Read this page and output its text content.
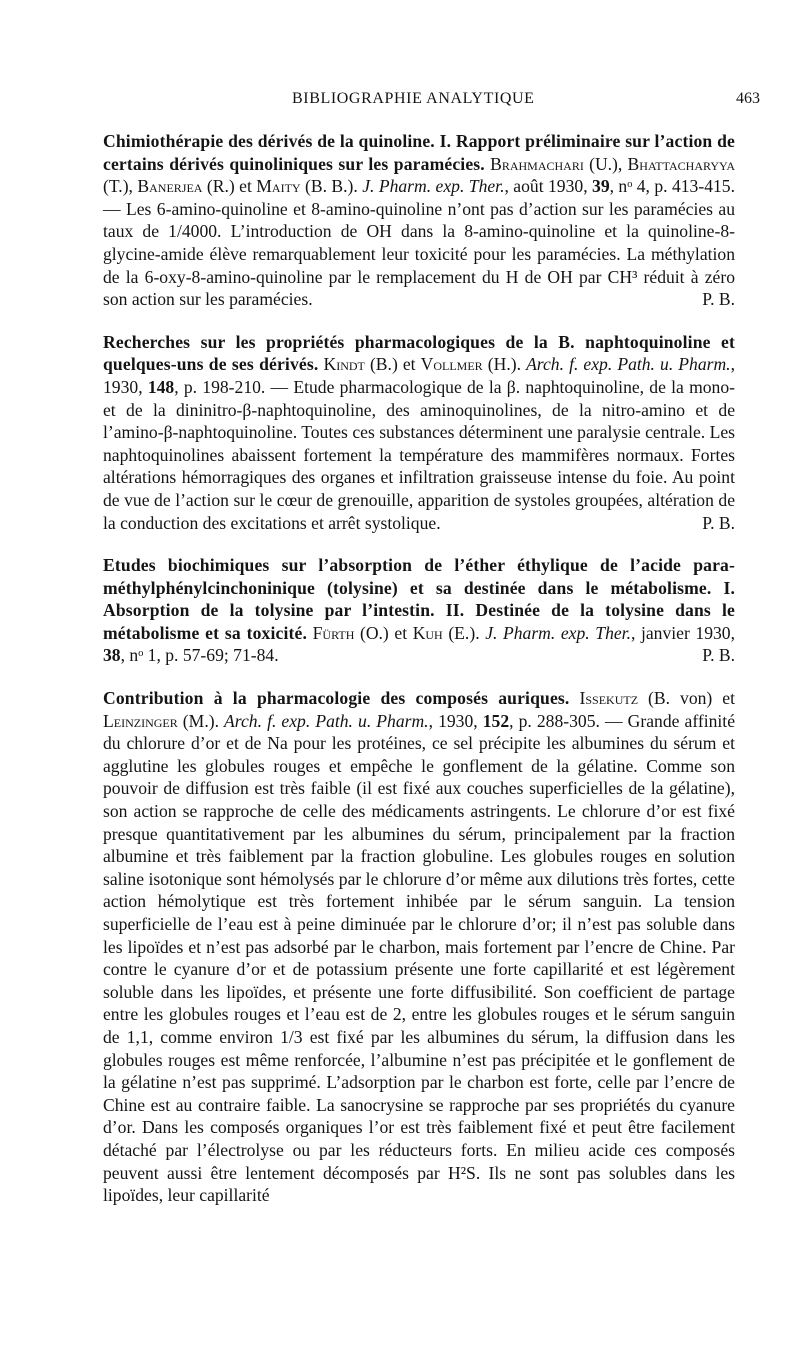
BIBLIOGRAPHIE ANALYTIQUE	463

Chimiothérapie des dérivés de la quinoline. I. Rapport préliminaire sur l’action de certains dérivés quinoliniques sur les paramécies. Brahmachari (U.), Bhattacharyya (T.), Banerjea (R.) et Maity (B. B.). J. Pharm. exp. Ther., août 1930, 39, nᵒ 4, p. 413-415. — Les 6-amino-quinoline et 8-amino-quinoline n’ont pas d’action sur les paramécies au taux de 1/4000. L’introduction de OH dans la 8-amino-quinoline et la quinoline-8-glycine-amide élève remarquablement leur toxicité pour les paramécies. La méthylation de la 6-oxy-8-amino-quinoline par le remplacement du H de OH par CH³ réduit à zéro son action sur les paramécies.	P. B.

Recherches sur les propriétés pharmacologiques de la B. naphtoquinoline et quelques-uns de ses dérivés. Kindt (B.) et Vollmer (H.). Arch. f. exp. Path. u. Pharm., 1930, 148, p. 198-210. — Etude pharmacologique de la β. naphtoquinoline, de la mono- et de la dininitro-β-naphtoquinoline, des aminoquinolines, de la nitro-amino et de l’amino-β-naphtoquinoline. Toutes ces substances déterminent une paralysie centrale. Les naphtoquinolines abaissent fortement la température des mammifères normaux. Fortes altérations hémorragiques des organes et infiltration graisseuse intense du foie. Au point de vue de l’action sur le cœur de grenouille, apparition de systoles groupées, altération de la conduction des excitations et arrêt systolique.	P. B.

Etudes biochimiques sur l’absorption de l’éther éthylique de l’acide para-méthylphénylcinchoninique (tolysine) et sa destinée dans le métabolisme. I. Absorption de la tolysine par l’intestin. II. Destinée de la tolysine dans le métabolisme et sa toxicité. Fürth (O.) et Kuh (E.). J. Pharm. exp. Ther., janvier 1930, 38, nᵒ 1, p. 57-69; 71-84.	P. B.

Contribution à la pharmacologie des composés auriques. Issekutz (B. von) et Leinzinger (M.). Arch. f. exp. Path. u. Pharm., 1930, 152, p. 288-305. — Grande affinité du chlorure d’or et de Na pour les protéines, ce sel précipite les albumines du sérum et agglutine les globules rouges et empêche le gonflement de la gélatine. Comme son pouvoir de diffusion est très faible (il est fixé aux couches superficielles de la gélatine), son action se rapproche de celle des médicaments astringents. Le chlorure d’or est fixé presque quantitativement par les albumines du sérum, principalement par la fraction albumine et très faiblement par la fraction globuline. Les globules rouges en solution saline isotonique sont hémolysés par le chlorure d’or même aux dilutions très fortes, cette action hémolytique est très fortement inhibée par le sérum sanguin. La tension superficielle de l’eau est à peine diminuée par le chlorure d’or; il n’est pas soluble dans les lipoïdes et n’est pas adsorbé par le charbon, mais fortement par l’encre de Chine. Par contre le cyanure d’or et de potassium présente une forte capillarité et est légèrement soluble dans les lipoïdes, et présente une forte diffusibilité. Son coefficient de partage entre les globules rouges et l’eau est de 2, entre les globules rouges et le sérum sanguin de 1,1, comme environ 1/3 est fixé par les albumines du sérum, la diffusion dans les globules rouges est même renforcée, l’albumine n’est pas précipitée et le gonflement de la gélatine n’est pas supprimé. L’adsorption par le charbon est forte, celle par l’encre de Chine est au contraire faible. La sanocrysine se rapproche par ses propriétés du cyanure d’or. Dans les composés organiques l’or est très faiblement fixé et peut être facilement détaché par l’électrolyse ou par les réducteurs forts. En milieu acide ces composés peuvent aussi être lentement décomposés par H²S. Ils ne sont pas solubles dans les lipoïdes, leur capillarité
